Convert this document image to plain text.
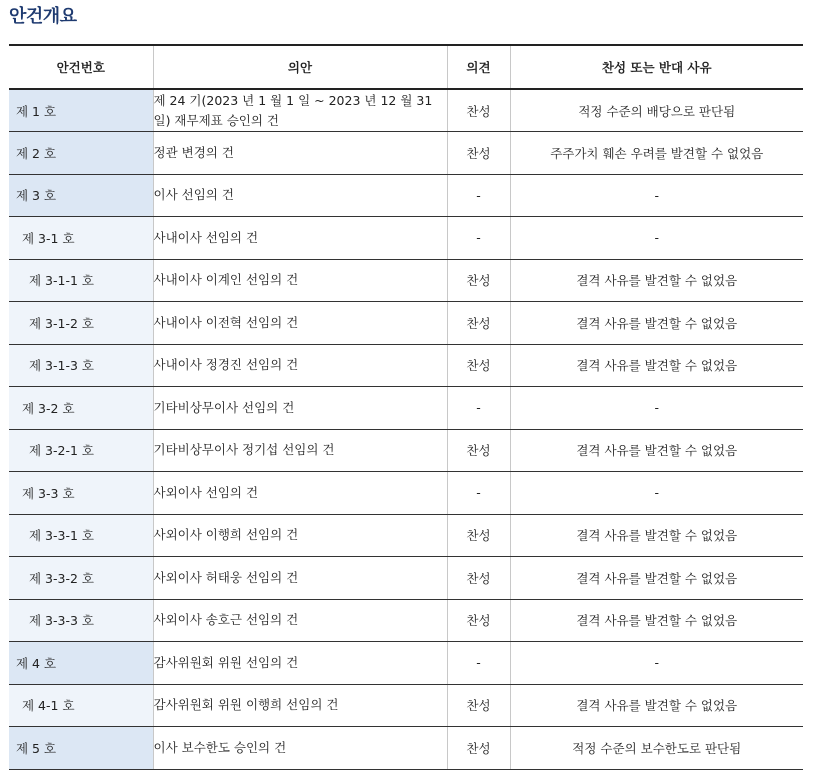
안건개요
안건번호	의안	의견	찬성 또는 반대 사유
제 1 호	제 24 기(2023 년 1 월 1 일 ~ 2023 년 12 월 31 일) 재무제표 승인의 건	찬성	적정 수준의 배당으로 판단됨
제 2 호	정관 변경의 건	찬성	주주가치 훼손 우려를 발견할 수 없었음
제 3 호	이사 선임의 건	-	-
제 3-1 호	사내이사 선임의 건	-	-
제 3-1-1 호	사내이사 이계인 선임의 건	찬성	결격 사유를 발견할 수 없었음
제 3-1-2 호	사내이사 이전혁 선임의 건	찬성	결격 사유를 발견할 수 없었음
제 3-1-3 호	사내이사 정경진 선임의 건	찬성	결격 사유를 발견할 수 없었음
제 3-2 호	기타비상무이사 선임의 건	-	-
제 3-2-1 호	기타비상무이사 정기섭 선임의 건	찬성	결격 사유를 발견할 수 없었음
제 3-3 호	사외이사 선임의 건	-	-
제 3-3-1 호	사외이사 이행희 선임의 건	찬성	결격 사유를 발견할 수 없었음
제 3-3-2 호	사외이사 허태웅 선임의 건	찬성	결격 사유를 발견할 수 없었음
제 3-3-3 호	사외이사 송호근 선임의 건	찬성	결격 사유를 발견할 수 없었음
제 4 호	감사위원회 위원 선임의 건	-	-
제 4-1 호	감사위원회 위원 이행희 선임의 건	찬성	결격 사유를 발견할 수 없었음
제 5 호	이사 보수한도 승인의 건	찬성	적정 수준의 보수한도로 판단됨
